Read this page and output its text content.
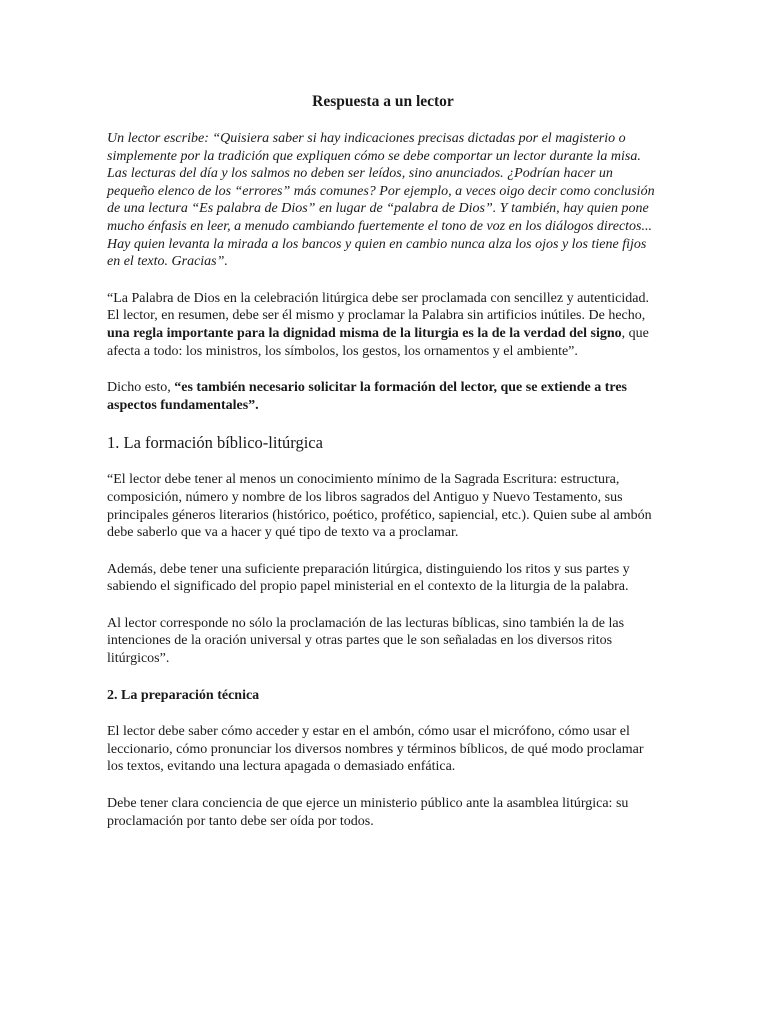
Respuesta a un lector

Un lector escribe: “Quisiera saber si hay indicaciones precisas dictadas por el magisterio o simplemente por la tradición que expliquen cómo se debe comportar un lector durante la misa. Las lecturas del día y los salmos no deben ser leídos, sino anunciados. ¿Podrían hacer un pequeño elenco de los “errores” más comunes? Por ejemplo, a veces oigo decir como conclusión de una lectura “Es palabra de Dios” en lugar de “palabra de Dios”. Y también, hay quien pone mucho énfasis en leer, a menudo cambiando fuertemente el tono de voz en los diálogos directos... Hay quien levanta la mirada a los bancos y quien en cambio nunca alza los ojos y los tiene fijos en el texto. Gracias”.

“La Palabra de Dios en la celebración litúrgica debe ser proclamada con sencillez y autenticidad. El lector, en resumen, debe ser él mismo y proclamar la Palabra sin artificios inútiles. De hecho, una regla importante para la dignidad misma de la liturgia es la de la verdad del signo, que afecta a todo: los ministros, los símbolos, los gestos, los ornamentos y el ambiente”.

Dicho esto, “es también necesario solicitar la formación del lector, que se extiende a tres aspectos fundamentales”.

1. La formación bíblico-litúrgica

“El lector debe tener al menos un conocimiento mínimo de la Sagrada Escritura: estructura, composición, número y nombre de los libros sagrados del Antiguo y Nuevo Testamento, sus principales géneros literarios (histórico, poético, profético, sapiencial, etc.). Quien sube al ambón debe saberlo que va a hacer y qué tipo de texto va a proclamar.

Además, debe tener una suficiente preparación litúrgica, distinguiendo los ritos y sus partes y sabiendo el significado del propio papel ministerial en el contexto de la liturgia de la palabra.

Al lector corresponde no sólo la proclamación de las lecturas bíblicas, sino también la de las intenciones de la oración universal y otras partes que le son señaladas en los diversos ritos litúrgicos”.

2. La preparación técnica

El lector debe saber cómo acceder y estar en el ambón, cómo usar el micrófono, cómo usar el leccionario, cómo pronunciar los diversos nombres y términos bíblicos, de qué modo proclamar los textos, evitando una lectura apagada o demasiado enfática.

Debe tener clara conciencia de que ejerce un ministerio público ante la asamblea litúrgica: su proclamación por tanto debe ser oída por todos.
